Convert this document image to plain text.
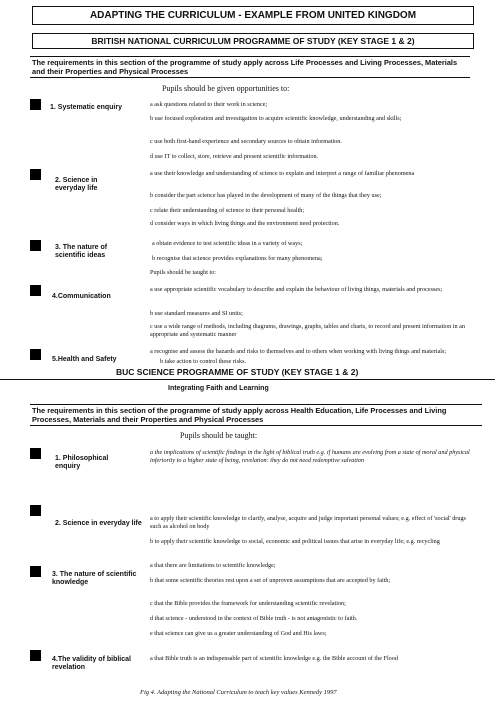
ADAPTING THE CURRICULUM - EXAMPLE FROM UNITED KINGDOM
BRITISH NATIONAL CURRICULUM PROGRAMME OF STUDY (KEY STAGE 1 & 2)
The requirements in this section of the programme of study apply across Life Processes and Living Processes, Materials and their Properties and Physical Processes
Pupils should be given opportunities to:
1. Systematic enquiry	a ask questions related to their work in science;
b use focused exploration and investigation to acquire scientific knowledge, understanding and skills;
c use both first-hand experience and secondary sources to obtain information.
d use IT to collect, store, retrieve and present scientific information.
2. Science in everyday life
a use their knowledge and understanding of science to explain and interpret a range of familiar phenomena
b consider the part science has played in the development of many of the things that they use;
c relate their understanding of science to their personal health;
d consider ways in which living things and the environment need protection.
3. The nature of scientific ideas
a obtain evidence to test scientific ideas in a variety of ways;
b recognise that science provides explanations for many phenomena;
Pupils should be taught to:
4.Communication
a use appropriate scientific vocabulary to describe and explain the behaviour of living things, materials and processes;
b use standard measures and SI units;
c use a wide range of methods, including diagrams, drawings, graphs, tables and charts, to record and present information in an appropriate and systematic manner
5.Health and Safety
a recognise and assess the hazards and risks to themselves and to others when working with living things and materials;
BUC SCIENCE PROGRAMME OF STUDY (KEY STAGE 1 & 2)
b take action to control these risks.
Integrating Faith and Learning
The requirements in this section of the programme of study apply across Health Education, Life Processes and Living Processes, Materials and their Properties and Physical Processes
Pupils should be taught:
1. Philosophical enquiry
a the implications of scientific findings in the light of biblical truth e.g. if humans are evolving from a state of moral and physical inferiority to a higher state of being, revelation: they do not need redemptive salvation
2. Science in everyday life
a to apply their scientific knowledge to clarify, analyse, acquire and judge important personal values; e.g. effect of 'social' drugs such as alcohol on body
b to apply their scientific knowledge to social, economic and political issues that arise in everyday life; e.g. recycling
3. The nature of scientific knowledge
a that there are limitations to scientific knowledge;
b that some scientific theories rest upon a set of unproven assumptions that are accepted by faith;
c that the Bible provides the framework for understanding scientific revelation;
d that science - understood in the context of Bible truth - is not antagonistic to faith.
e that science can give us a greater understanding of God and His laws;
4.The validity of biblical revelation
a that Bible truth is an indispensable part of scientific knowledge e.g. the Bible account of the Flood
Fig 4. Adapting the National Curriculum to teach key values Kennedy 1997
